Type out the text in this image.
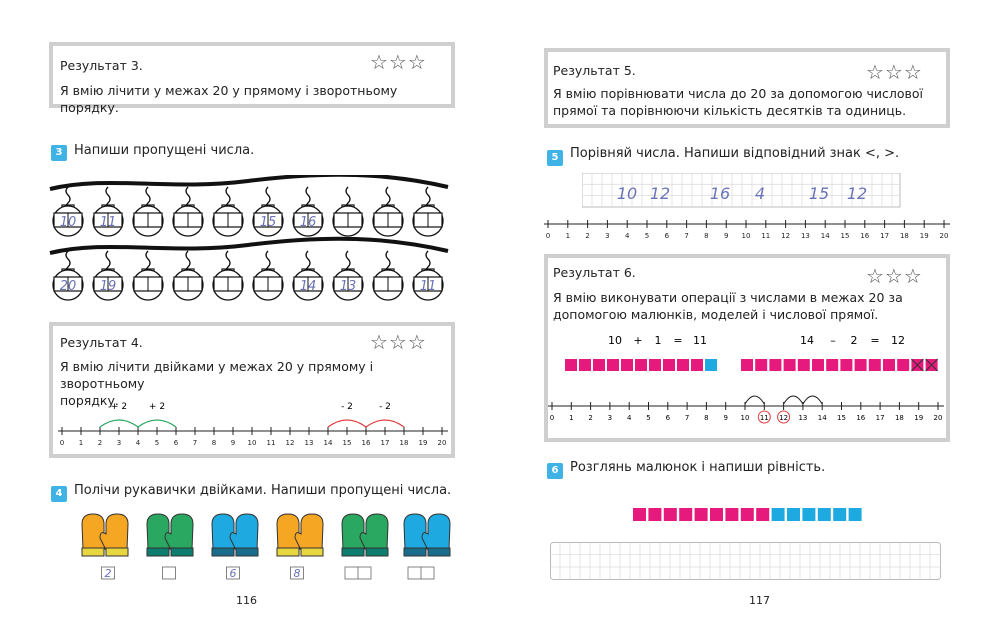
Результат 3.	☆☆☆
Я вмію лічити у межах 20 у прямому і зворотньому порядку.
3 Напиши пропущені числа.
10 11	15 16
20 19	14 13	11
Результат 4.	☆☆☆
Я вмію лічити двійками у межах 20 у прямому і зворотньому
порядку.
0 1 2 3 4 5 6 7 8 9 10 11 12 13 14 15 16 17 18 19 20
+ 2 + 2	- 2	- 2
4 Полічи рукавички двійками. Напиши пропущені числа.
2	6	8
116
Результат 5.	☆☆☆
Я вмію порівнювати числа до 20 за допомогою числової
прямої та порівнюючи кількість десятків та одиниць.
5 Порівняй числа. Напиши відповідний знак <, >.
10 12 16 4	15 12
0 1 2 3 4 5 6 7 8 9 10 11 12 13 14 15 16 17 18 19 20
Результат 6.	☆☆☆
Я вмію виконувати операції з числами в межах 20 за
допомогою малюнків, моделей і числової прямої.
10 + 1 = 11	14 – 2 = 12
0 1 2 3 4 5 6 7 8 9 10 11 12 13 14 15 16 17 18 19 20
6 Розглянь малюнок і напиши рівність.
117
